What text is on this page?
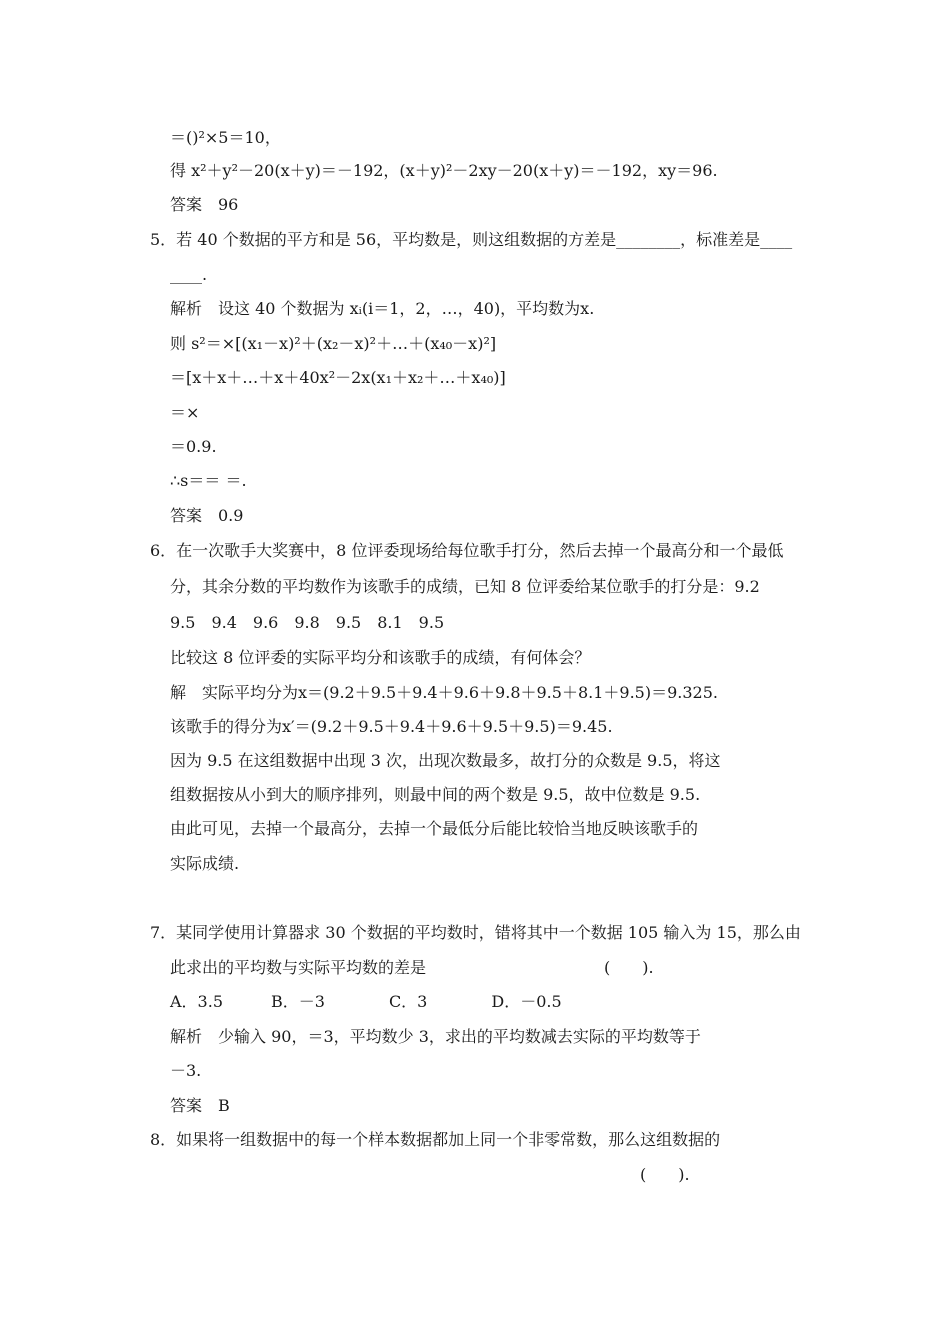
＝()²×5＝10，
得 x²＋y²－20(x＋y)＝－192，(x＋y)²－2xy－20(x＋y)＝－192，xy＝96.
答案　96
5．若 40 个数据的平方和是 56，平均数是，则这组数据的方差是________，标准差是____
____.
解析　设这 40 个数据为 xᵢ(i＝1，2，…，40)，平均数为x.
则 s²＝×[(x₁－x)²＋(x₂－x)²＋…＋(x₄₀－x)²]
＝[x＋x＋…＋x＋40x²－2x(x₁＋x₂＋…＋x₄₀)]
＝×
＝0.9.
∴s＝＝ ＝.
答案　0.9
6．在一次歌手大奖赛中，8 位评委现场给每位歌手打分，然后去掉一个最高分和一个最低
分，其余分数的平均数作为该歌手的成绩，已知 8 位评委给某位歌手的打分是：9.2
9.5　9.4　9.6　9.8　9.5　8.1　9.5
比较这 8 位评委的实际平均分和该歌手的成绩，有何体会？
解　实际平均分为x＝(9.2＋9.5＋9.4＋9.6＋9.8＋9.5＋8.1＋9.5)＝9.325.
该歌手的得分为x′＝(9.2＋9.5＋9.4＋9.6＋9.5＋9.5)＝9.45.
因为 9.5 在这组数据中出现 3 次，出现次数最多，故打分的众数是 9.5，将这
组数据按从小到大的顺序排列，则最中间的两个数是 9.5，故中位数是 9.5.
由此可见，去掉一个最高分，去掉一个最低分后能比较恰当地反映该歌手的
实际成绩.
7．某同学使用计算器求 30 个数据的平均数时，错将其中一个数据 105 输入为 15，那么由
此求出的平均数与实际平均数的差是	(　　).
A．3.5　　　B．－3　　　　C．3　　　　D．－0.5
解析　少输入 90，＝3，平均数少 3，求出的平均数减去实际的平均数等于
－3.
答案　B
8．如果将一组数据中的每一个样本数据都加上同一个非零常数，那么这组数据的
(　　).
